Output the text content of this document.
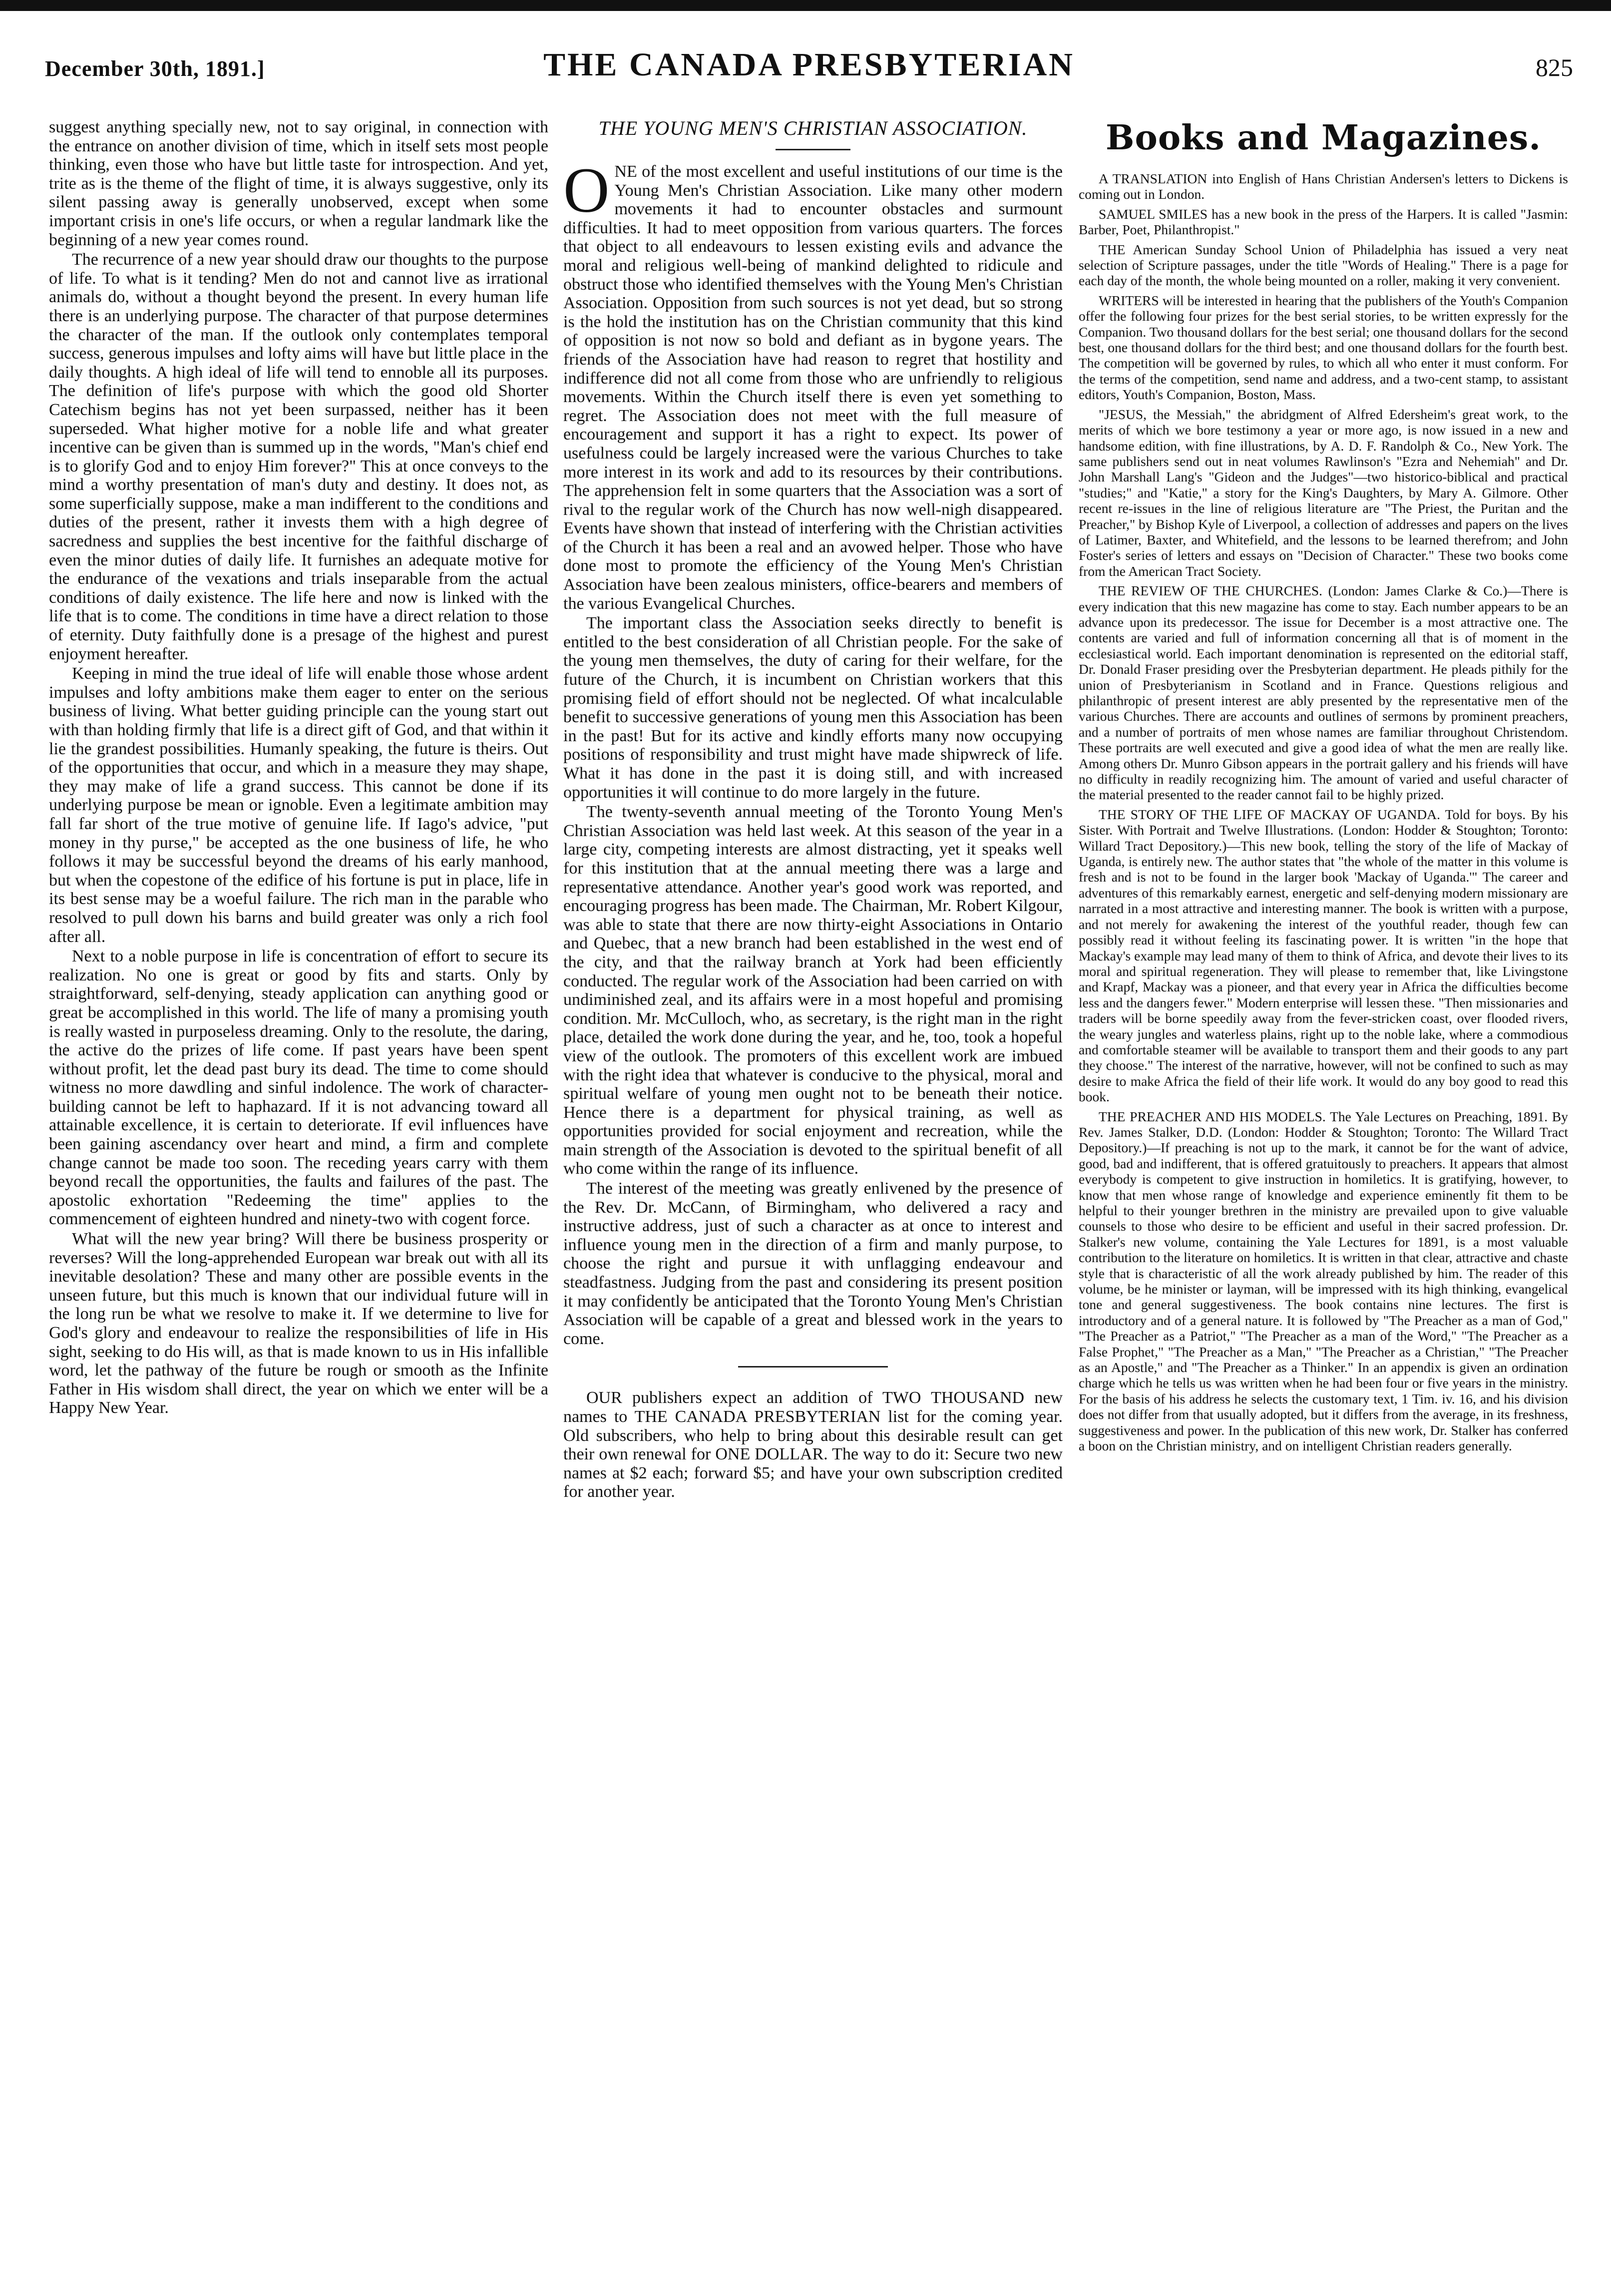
December 30th, 1891.]	THE CANADA PRESBYTERIAN	825

suggest anything specially new, not to say original, in connection with the entrance on another division of time, which in itself sets most people thinking, even those who have but little taste for introspection. And yet, trite as is the theme of the flight of time, it is always suggestive, only its silent passing away is generally unobserved, except when some important crisis in one's life occurs, or when a regular landmark like the beginning of a new year comes round.

The recurrence of a new year should draw our thoughts to the purpose of life. To what is it tending? Men do not and cannot live as irrational animals do, without a thought beyond the present. In every human life there is an underlying purpose. The character of that purpose determines the character of the man. If the outlook only contemplates temporal success, generous impulses and lofty aims will have but little place in the daily thoughts. A high ideal of life will tend to ennoble all its purposes. The definition of life's purpose with which the good old Shorter Catechism begins has not yet been surpassed, neither has it been superseded. What higher motive for a noble life and what greater incentive can be given than is summed up in the words, "Man's chief end is to glorify God and to enjoy Him forever?" This at once conveys to the mind a worthy presentation of man's duty and destiny. It does not, as some superficially suppose, make a man indifferent to the conditions and duties of the present, rather it invests them with a high degree of sacredness and supplies the best incentive for the faithful discharge of even the minor duties of daily life. It furnishes an adequate motive for the endurance of the vexations and trials inseparable from the actual conditions of daily existence. The life here and now is linked with the life that is to come. The conditions in time have a direct relation to those of eternity. Duty faithfully done is a presage of the highest and purest enjoyment hereafter.

Keeping in mind the true ideal of life will enable those whose ardent impulses and lofty ambitions make them eager to enter on the serious business of living. What better guiding principle can the young start out with than holding firmly that life is a direct gift of God, and that within it lie the grandest possibilities. Humanly speaking, the future is theirs. Out of the opportunities that occur, and which in a measure they may shape, they may make of life a grand success. This cannot be done if its underlying purpose be mean or ignoble. Even a legitimate ambition may fall far short of the true motive of genuine life. If Iago's advice, "put money in thy purse," be accepted as the one business of life, he who follows it may be successful beyond the dreams of his early manhood, but when the copestone of the edifice of his fortune is put in place, life in its best sense may be a woeful failure. The rich man in the parable who resolved to pull down his barns and build greater was only a rich fool after all.

Next to a noble purpose in life is concentration of effort to secure its realization. No one is great or good by fits and starts. Only by straightforward, self-denying, steady application can anything good or great be accomplished in this world. The life of many a promising youth is really wasted in purposeless dreaming. Only to the resolute, the daring, the active do the prizes of life come. If past years have been spent without profit, let the dead past bury its dead. The time to come should witness no more dawdling and sinful indolence. The work of character-building cannot be left to haphazard. If it is not advancing toward all attainable excellence, it is certain to deteriorate. If evil influences have been gaining ascendancy over heart and mind, a firm and complete change cannot be made too soon. The receding years carry with them beyond recall the opportunities, the faults and failures of the past. The apostolic exhortation "Redeeming the time" applies to the commencement of eighteen hundred and ninety-two with cogent force.

What will the new year bring? Will there be business prosperity or reverses? Will the long-apprehended European war break out with all its inevitable desolation? These and many other are possible events in the unseen future, but this much is known that our individual future will in the long run be what we resolve to make it. If we determine to live for God's glory and endeavour to realize the responsibilities of life in His sight, seeking to do His will, as that is made known to us in His infallible word, let the pathway of the future be rough or smooth as the Infinite Father in His wisdom shall direct, the year on which we enter will be a Happy New Year.

THE YOUNG MEN'S CHRISTIAN ASSOCIATION.

ONE of the most excellent and useful institutions of our time is the Young Men's Christian Association. Like many other modern movements it had to encounter obstacles and surmount difficulties. It had to meet opposition from various quarters. The forces that object to all endeavours to lessen existing evils and advance the moral and religious well-being of mankind delighted to ridicule and obstruct those who identified themselves with the Young Men's Christian Association. Opposition from such sources is not yet dead, but so strong is the hold the institution has on the Christian community that this kind of opposition is not now so bold and defiant as in bygone years. The friends of the Association have had reason to regret that hostility and indifference did not all come from those who are unfriendly to religious movements. Within the Church itself there is even yet something to regret. The Association does not meet with the full measure of encouragement and support it has a right to expect. Its power of usefulness could be largely increased were the various Churches to take more interest in its work and add to its resources by their contributions. The apprehension felt in some quarters that the Association was a sort of rival to the regular work of the Church has now well-nigh disappeared. Events have shown that instead of interfering with the Christian activities of the Church it has been a real and an avowed helper. Those who have done most to promote the efficiency of the Young Men's Christian Association have been zealous ministers, office-bearers and members of the various Evangelical Churches.

The important class the Association seeks directly to benefit is entitled to the best consideration of all Christian people. For the sake of the young men themselves, the duty of caring for their welfare, for the future of the Church, it is incumbent on Christian workers that this promising field of effort should not be neglected. Of what incalculable benefit to successive generations of young men this Association has been in the past! But for its active and kindly efforts many now occupying positions of responsibility and trust might have made shipwreck of life. What it has done in the past it is doing still, and with increased opportunities it will continue to do more largely in the future.

The twenty-seventh annual meeting of the Toronto Young Men's Christian Association was held last week. At this season of the year in a large city, competing interests are almost distracting, yet it speaks well for this institution that at the annual meeting there was a large and representative attendance. Another year's good work was reported, and encouraging progress has been made. The Chairman, Mr. Robert Kilgour, was able to state that there are now thirty-eight Associations in Ontario and Quebec, that a new branch had been established in the west end of the city, and that the railway branch at York had been efficiently conducted. The regular work of the Association had been carried on with undiminished zeal, and its affairs were in a most hopeful and promising condition. Mr. McCulloch, who, as secretary, is the right man in the right place, detailed the work done during the year, and he, too, took a hopeful view of the outlook. The promoters of this excellent work are imbued with the right idea that whatever is conducive to the physical, moral and spiritual welfare of young men ought not to be beneath their notice. Hence there is a department for physical training, as well as opportunities provided for social enjoyment and recreation, while the main strength of the Association is devoted to the spiritual benefit of all who come within the range of its influence.

The interest of the meeting was greatly enlivened by the presence of the Rev. Dr. McCann, of Birmingham, who delivered a racy and instructive address, just of such a character as at once to interest and influence young men in the direction of a firm and manly purpose, to choose the right and pursue it with unflagging endeavour and steadfastness. Judging from the past and considering its present position it may confidently be anticipated that the Toronto Young Men's Christian Association will be capable of a great and blessed work in the years to come.

OUR publishers expect an addition of TWO THOUSAND new names to THE CANADA PRESBYTERIAN list for the coming year. Old subscribers, who help to bring about this desirable result can get their own renewal for ONE DOLLAR. The way to do it: Secure two new names at $2 each; forward $5; and have your own subscription credited for another year.

Books and Magazines.

A TRANSLATION into English of Hans Christian Andersen's letters to Dickens is coming out in London.

SAMUEL SMILES has a new book in the press of the Harpers. It is called "Jasmin: Barber, Poet, Philanthropist."

THE American Sunday School Union of Philadelphia has issued a very neat selection of Scripture passages, under the title "Words of Healing." There is a page for each day of the month, the whole being mounted on a roller, making it very convenient.

WRITERS will be interested in hearing that the publishers of the Youth's Companion offer the following four prizes for the best serial stories, to be written expressly for the Companion. Two thousand dollars for the best serial; one thousand dollars for the second best, one thousand dollars for the third best; and one thousand dollars for the fourth best. The competition will be governed by rules, to which all who enter it must conform. For the terms of the competition, send name and address, and a two-cent stamp, to assistant editors, Youth's Companion, Boston, Mass.

"JESUS, the Messiah," the abridgment of Alfred Edersheim's great work, to the merits of which we bore testimony a year or more ago, is now issued in a new and handsome edition, with fine illustrations, by A. D. F. Randolph & Co., New York. The same publishers send out in neat volumes Rawlinson's "Ezra and Nehemiah" and Dr. John Marshall Lang's "Gideon and the Judges"—two historico-biblical and practical "studies;" and "Katie," a story for the King's Daughters, by Mary A. Gilmore. Other recent re-issues in the line of religious literature are "The Priest, the Puritan and the Preacher," by Bishop Kyle of Liverpool, a collection of addresses and papers on the lives of Latimer, Baxter, and Whitefield, and the lessons to be learned therefrom; and John Foster's series of letters and essays on "Decision of Character." These two books come from the American Tract Society.

THE REVIEW OF THE CHURCHES. (London: James Clarke & Co.)—There is every indication that this new magazine has come to stay. Each number appears to be an advance upon its predecessor. The issue for December is a most attractive one. The contents are varied and full of information concerning all that is of moment in the ecclesiastical world. Each important denomination is represented on the editorial staff, Dr. Donald Fraser presiding over the Presbyterian department. He pleads pithily for the union of Presbyterianism in Scotland and in France. Questions religious and philanthropic of present interest are ably presented by the representative men of the various Churches. There are accounts and outlines of sermons by prominent preachers, and a number of portraits of men whose names are familiar throughout Christendom. These portraits are well executed and give a good idea of what the men are really like. Among others Dr. Munro Gibson appears in the portrait gallery and his friends will have no difficulty in readily recognizing him. The amount of varied and useful character of the material presented to the reader cannot fail to be highly prized.

THE STORY OF THE LIFE OF MACKAY OF UGANDA. Told for boys. By his Sister. With Portrait and Twelve Illustrations. (London: Hodder & Stoughton; Toronto: Willard Tract Depository.)—This new book, telling the story of the life of Mackay of Uganda, is entirely new. The author states that "the whole of the matter in this volume is fresh and is not to be found in the larger book 'Mackay of Uganda.'" The career and adventures of this remarkably earnest, energetic and self-denying modern missionary are narrated in a most attractive and interesting manner. The book is written with a purpose, and not merely for awakening the interest of the youthful reader, though few can possibly read it without feeling its fascinating power. It is written "in the hope that Mackay's example may lead many of them to think of Africa, and devote their lives to its moral and spiritual regeneration. They will please to remember that, like Livingstone and Krapf, Mackay was a pioneer, and that every year in Africa the difficulties become less and the dangers fewer." Modern enterprise will lessen these. "Then missionaries and traders will be borne speedily away from the fever-stricken coast, over flooded rivers, the weary jungles and waterless plains, right up to the noble lake, where a commodious and comfortable steamer will be available to transport them and their goods to any part they choose." The interest of the narrative, however, will not be confined to such as may desire to make Africa the field of their life work. It would do any boy good to read this book.

THE PREACHER AND HIS MODELS. The Yale Lectures on Preaching, 1891. By Rev. James Stalker, D.D. (London: Hodder & Stoughton; Toronto: The Willard Tract Depository.)—If preaching is not up to the mark, it cannot be for the want of advice, good, bad and indifferent, that is offered gratuitously to preachers. It appears that almost everybody is competent to give instruction in homiletics. It is gratifying, however, to know that men whose range of knowledge and experience eminently fit them to be helpful to their younger brethren in the ministry are prevailed upon to give valuable counsels to those who desire to be efficient and useful in their sacred profession. Dr. Stalker's new volume, containing the Yale Lectures for 1891, is a most valuable contribution to the literature on homiletics. It is written in that clear, attractive and chaste style that is characteristic of all the work already published by him. The reader of this volume, be he minister or layman, will be impressed with its high thinking, evangelical tone and general suggestiveness. The book contains nine lectures. The first is introductory and of a general nature. It is followed by "The Preacher as a man of God," "The Preacher as a Patriot," "The Preacher as a man of the Word," "The Preacher as a False Prophet," "The Preacher as a Man," "The Preacher as a Christian," "The Preacher as an Apostle," and "The Preacher as a Thinker." In an appendix is given an ordination charge which he tells us was written when he had been four or five years in the ministry. For the basis of his address he selects the customary text, 1 Tim. iv. 16, and his division does not differ from that usually adopted, but it differs from the average, in its freshness, suggestiveness and power. In the publication of this new work, Dr. Stalker has conferred a boon on the Christian ministry, and on intelligent Christian readers generally.
